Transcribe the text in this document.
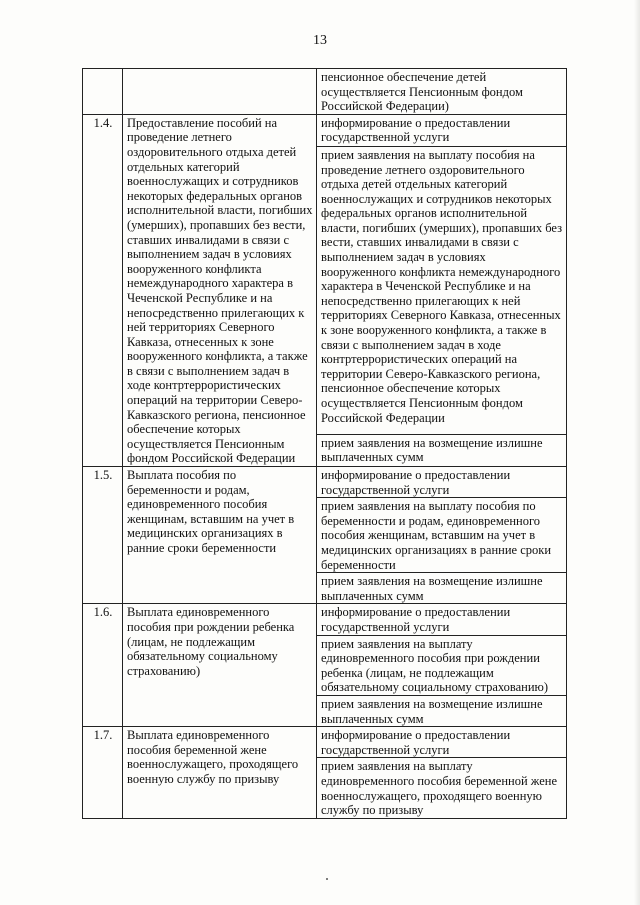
13
		пенсионное обеспечение детей осуществляется Пенсионным фондом Российской Федерации)
1.4.	Предоставление пособий на проведение летнего оздоровительного отдыха детей отдельных категорий военнослужащих и сотрудников некоторых федеральных органов исполнительной власти, погибших (умерших), пропавших без вести, ставших инвалидами в связи с выполнением задач в условиях вооруженного конфликта немеждународного характера в Чеченской Республике и на непосредственно прилегающих к ней территориях Северного Кавказа, отнесенных к зоне вооруженного конфликта, а также в связи с выполнением задач в ходе контртеррористических операций на территории Северо-Кавказского региона, пенсионное обеспечение которых осуществляется Пенсионным фондом Российской Федерации	информирование о предоставлении государственной услуги
		прием заявления на выплату пособия на проведение летнего оздоровительного отдыха детей отдельных категорий военнослужащих и сотрудников некоторых федеральных органов исполнительной власти, погибших (умерших), пропавших без вести, ставших инвалидами в связи с выполнением задач в условиях вооруженного конфликта немеждународного характера в Чеченской Республике и на непосредственно прилегающих к ней территориях Северного Кавказа, отнесенных к зоне вооруженного конфликта, а также в связи с выполнением задач в ходе контртеррористических операций на территории Северо-Кавказского региона, пенсионное обеспечение которых осуществляется Пенсионным фондом Российской Федерации
		прием заявления на возмещение излишне выплаченных сумм
1.5.	Выплата пособия по беременности и родам, единовременного пособия женщинам, вставшим на учет в медицинских организациях в ранние сроки беременности	информирование о предоставлении государственной услуги
		прием заявления на выплату пособия по беременности и родам, единовременного пособия женщинам, вставшим на учет в медицинских организациях в ранние сроки беременности
		прием заявления на возмещение излишне выплаченных сумм
1.6.	Выплата единовременного пособия при рождении ребенка (лицам, не подлежащим обязательному социальному страхованию)	информирование о предоставлении государственной услуги
		прием заявления на выплату единовременного пособия при рождении ребенка (лицам, не подлежащим обязательному социальному страхованию)
		прием заявления на возмещение излишне выплаченных сумм
1.7.	Выплата единовременного пособия беременной жене военнослужащего, проходящего военную службу по призыву	информирование о предоставлении государственной услуги
		прием заявления на выплату единовременного пособия беременной жене военнослужащего, проходящего военную службу по призыву
